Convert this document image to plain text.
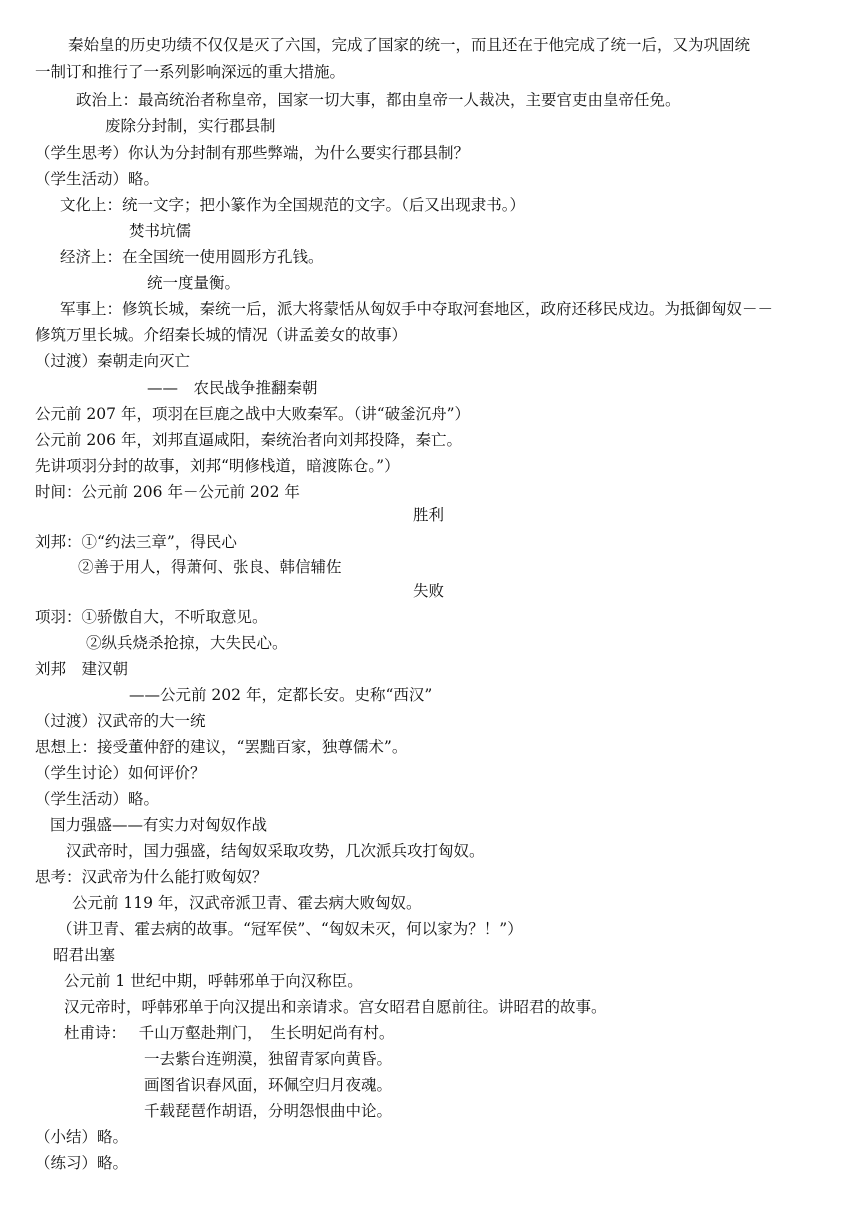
秦始皇的历史功绩不仅仅是灭了六国，完成了国家的统一，而且还在于他完成了统一后，又为巩固统
一制订和推行了一系列影响深远的重大措施。
政治上：最高统治者称皇帝，国家一切大事，都由皇帝一人裁决，主要官吏由皇帝任免。
废除分封制，实行郡县制
（学生思考）你认为分封制有那些弊端，为什么要实行郡县制？
（学生活动）略。
文化上：统一文字；把小篆作为全国规范的文字。（后又出现隶书。）
焚书坑儒
经济上：在全国统一使用圆形方孔钱。
统一度量衡。
军事上：修筑长城，秦统一后，派大将蒙恬从匈奴手中夺取河套地区，政府还移民戍边。为抵御匈奴－－
修筑万里长城。介绍秦长城的情况（讲孟姜女的故事）
（过渡）秦朝走向灭亡
——　农民战争推翻秦朝
公元前 207 年，项羽在巨鹿之战中大败秦军。（讲“破釜沉舟”）
公元前 206 年，刘邦直逼咸阳，秦统治者向刘邦投降，秦亡。
先讲项羽分封的故事，刘邦“明修栈道，暗渡陈仓。”）
时间：公元前 206 年－公元前 202 年
胜利
刘邦：①“约法三章”，得民心
②善于用人，得萧何、张良、韩信辅佐
失败
项羽：①骄傲自大，不听取意见。
②纵兵烧杀抢掠，大失民心。
刘邦　建汉朝
——公元前 202 年，定都长安。史称“西汉”
（过渡）汉武帝的大一统
思想上：接受董仲舒的建议，“罢黜百家，独尊儒术”。
（学生讨论）如何评价？
（学生活动）略。
国力强盛——有实力对匈奴作战
汉武帝时，国力强盛，结匈奴采取攻势，几次派兵攻打匈奴。
思考：汉武帝为什么能打败匈奴？
公元前 119 年，汉武帝派卫青、霍去病大败匈奴。
（讲卫青、霍去病的故事。“冠军侯”、“匈奴未灭，何以家为？！”）
昭君出塞
公元前 1 世纪中期，呼韩邪单于向汉称臣。
汉元帝时，呼韩邪单于向汉提出和亲请求。宫女昭君自愿前往。讲昭君的故事。
杜甫诗：　 千山万壑赴荆门，　生长明妃尚有村。
一去紫台连朔漠，独留青冢向黄昏。
画图省识春风面，环佩空归月夜魂。
千载琵琶作胡语，分明怨恨曲中论。
（小结）略。
（练习）略。
